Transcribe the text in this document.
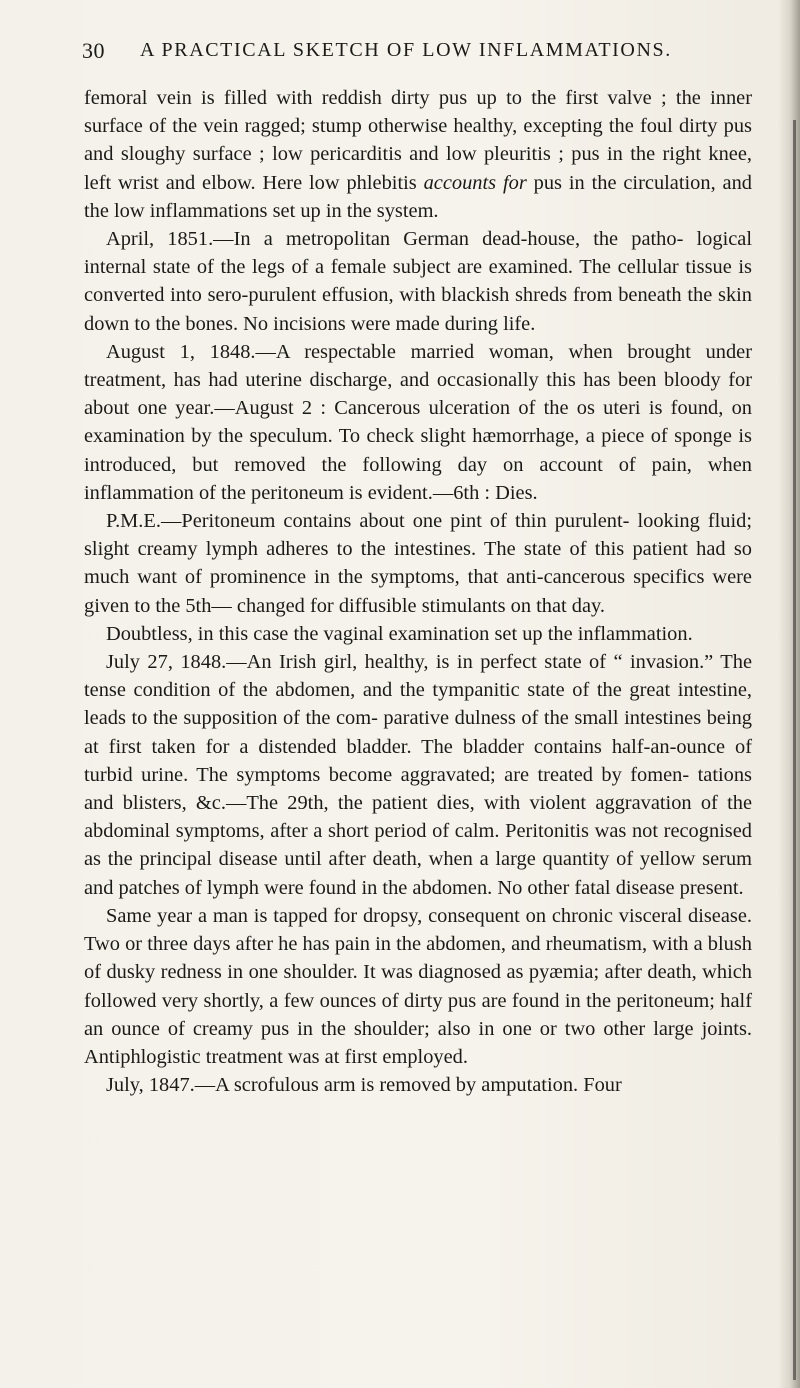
30 A PRACTICAL SKETCH OF LOW INFLAMMATIONS.

femoral vein is filled with reddish dirty pus up to the first valve ; the inner surface of the vein ragged; stump otherwise healthy, excepting the foul dirty pus and sloughy surface ; low pericarditis and low pleuritis ; pus in the right knee, left wrist and elbow. Here low phlebitis accounts for pus in the circulation, and the low inflammations set up in the system.

April, 1851.—In a metropolitan German dead-house, the patho- logical internal state of the legs of a female subject are examined. The cellular tissue is converted into sero-purulent effusion, with blackish shreds from beneath the skin down to the bones. No incisions were made during life.

August 1, 1848.—A respectable married woman, when brought under treatment, has had uterine discharge, and occasionally this has been bloody for about one year.—August 2 : Cancerous ulceration of the os uteri is found, on examination by the speculum. To check slight hæmorrhage, a piece of sponge is introduced, but removed the following day on account of pain, when inflammation of the peritoneum is evident.—6th : Dies.

P.M.E.—Peritoneum contains about one pint of thin purulent- looking fluid; slight creamy lymph adheres to the intestines. The state of this patient had so much want of prominence in the symptoms, that anti-cancerous specifics were given to the 5th— changed for diffusible stimulants on that day.

Doubtless, in this case the vaginal examination set up the inflammation.

July 27, 1848.—An Irish girl, healthy, is in perfect state of “ invasion.” The tense condition of the abdomen, and the tympanitic state of the great intestine, leads to the supposition of the com- parative dulness of the small intestines being at first taken for a distended bladder. The bladder contains half-an-ounce of turbid urine. The symptoms become aggravated; are treated by fomen- tations and blisters, &c.—The 29th, the patient dies, with violent aggravation of the abdominal symptoms, after a short period of calm. Peritonitis was not recognised as the principal disease until after death, when a large quantity of yellow serum and patches of lymph were found in the abdomen. No other fatal disease present.

Same year a man is tapped for dropsy, consequent on chronic visceral disease. Two or three days after he has pain in the abdomen, and rheumatism, with a blush of dusky redness in one shoulder. It was diagnosed as pyæmia; after death, which followed very shortly, a few ounces of dirty pus are found in the peritoneum; half an ounce of creamy pus in the shoulder; also in one or two other large joints. Antiphlogistic treatment was at first employed.

July, 1847.—A scrofulous arm is removed by amputation. Four
